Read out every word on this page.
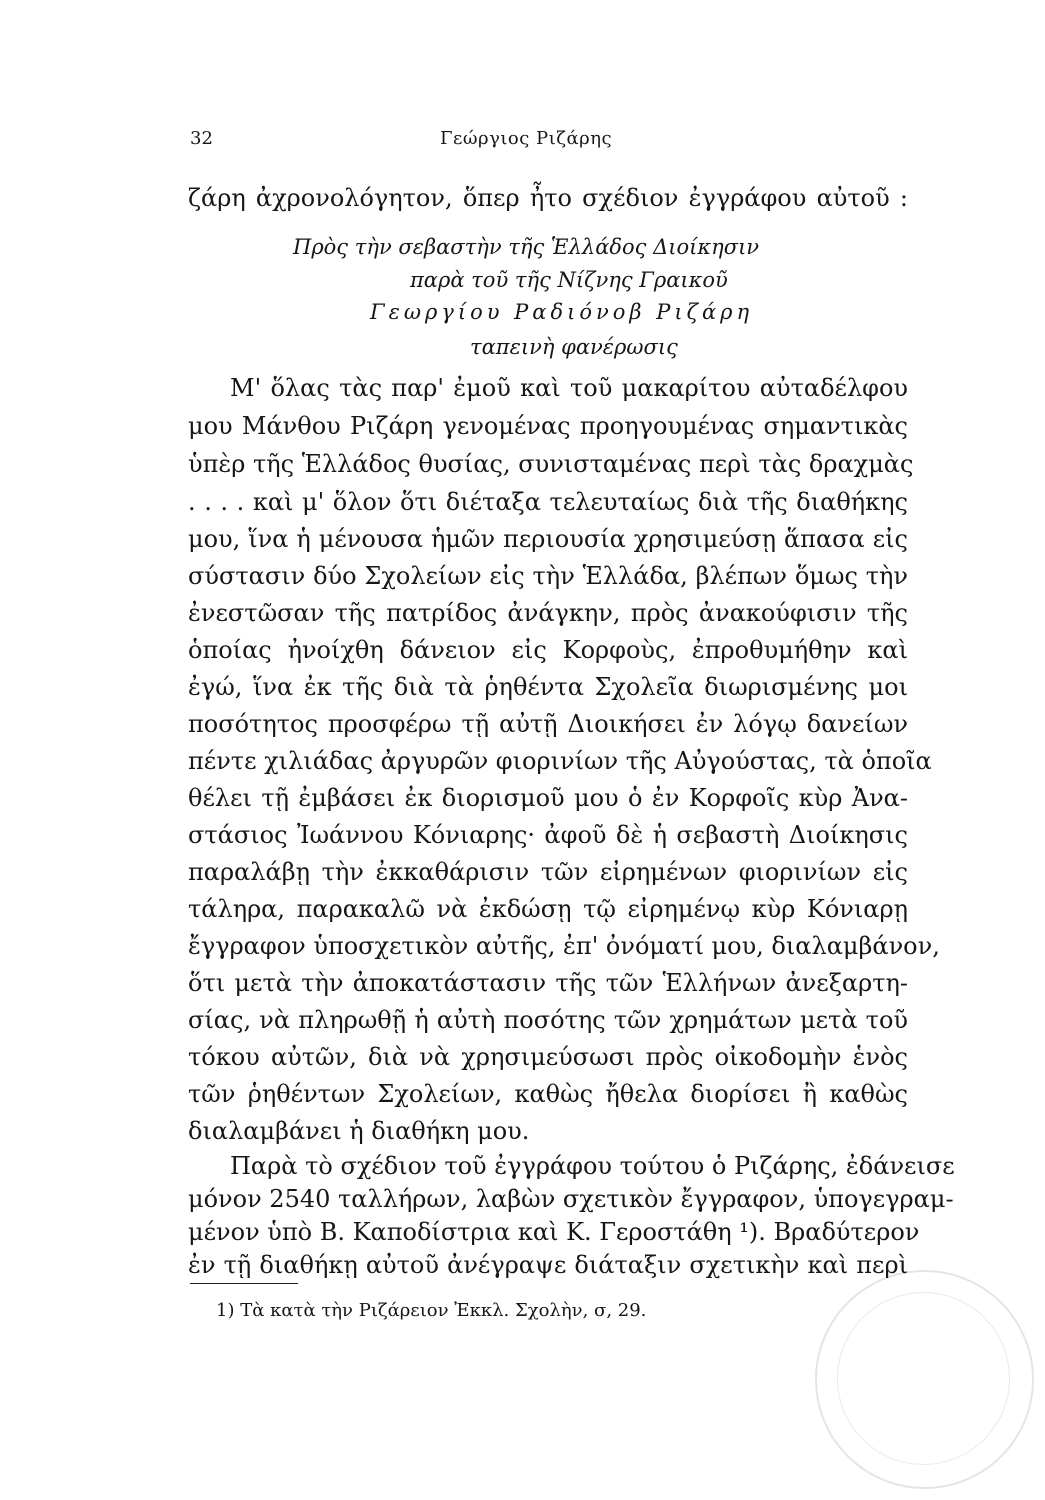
32	Γεώργιος Ριζάρης
ζάρη ἀχρονολόγητον, ὅπερ ἦτο σχέδιον ἐγγράφου αὐτοῦ :
Πρὸς τὴν σεβαστὴν τῆς Ἑλλάδος Διοίκησιν
παρὰ τοῦ τῆς Νίζνης Γραικοῦ
Γεωργίου Ραδιόνοβ Ριζάρη
ταπεινὴ φανέρωσις
Μ' ὅλας τὰς παρ' ἐμοῦ καὶ τοῦ μακαρίτου αὐταδέλφου
μου Μάνθου Ριζάρη γενομένας προηγουμένας σημαντικὰς
ὑπὲρ τῆς Ἑλλάδος θυσίας, συνισταμένας περὶ τὰς δραχμὰς
. . . . καὶ μ' ὅλον ὅτι διέταξα τελευταίως διὰ τῆς διαθήκης
μου, ἵνα ἡ μένουσα ἡμῶν περιουσία χρησιμεύσῃ ἅπασα εἰς
σύστασιν δύο Σχολείων εἰς τὴν Ἑλλάδα, βλέπων ὅμως τὴν
ἐνεστῶσαν τῆς πατρίδος ἀνάγκην, πρὸς ἀνακούφισιν τῆς
ὁποίας ἠνοίχθη δάνειον εἰς Κορφοὺς, ἐπροθυμήθην καὶ
ἐγώ, ἵνα ἐκ τῆς διὰ τὰ ῥηθέντα Σχολεῖα διωρισμένης μοι
ποσότητος προσφέρω τῇ αὐτῇ Διοικήσει ἐν λόγῳ δανείων
πέντε χιλιάδας ἀργυρῶν φιορινίων τῆς Αὐγούστας, τὰ ὁποῖα
θέλει τῇ ἐμβάσει ἐκ διορισμοῦ μου ὁ ἐν Κορφοῖς κὺρ Ἀνα-
στάσιος Ἰωάννου Κόνιαρης· ἀφοῦ δὲ ἡ σεβαστὴ Διοίκησις
παραλάβῃ τὴν ἐκκαθάρισιν τῶν εἰρημένων φιορινίων εἰς
τάληρα, παρακαλῶ νὰ ἐκδώσῃ τῷ εἰρημένῳ κὺρ Κόνιαρῃ
ἔγγραφον ὑποσχετικὸν αὐτῆς, ἐπ' ὀνόματί μου, διαλαμβάνον,
ὅτι μετὰ τὴν ἀποκατάστασιν τῆς τῶν Ἑλλήνων ἀνεξαρτη-
σίας, νὰ πληρωθῇ ἡ αὐτὴ ποσότης τῶν χρημάτων μετὰ τοῦ
τόκου αὐτῶν, διὰ νὰ χρησιμεύσωσι πρὸς οἰκοδομὴν ἑνὸς
τῶν ῥηθέντων Σχολείων, καθὼς ἤθελα διορίσει ἢ καθὼς
διαλαμβάνει ἡ διαθήκη μου.
Παρὰ τὸ σχέδιον τοῦ ἐγγράφου τούτου ὁ Ριζάρης, ἐδάνεισε
μόνον 2540 ταλλήρων, λαβὼν σχετικὸν ἔγγραφον, ὑπογεγραμ-
μένον ὑπὸ Β. Καποδίστρια καὶ Κ. Γεροστάθη ¹). Βραδύτερον
1) Τὰ κατὰ τὴν Ριζάρειον Ἐκκλ. Σχολὴν, σ, 29.
ἐν τῇ διαθήκῃ αὐτοῦ ἀνέγραψε διάταξιν σχετικὴν καὶ περὶ
